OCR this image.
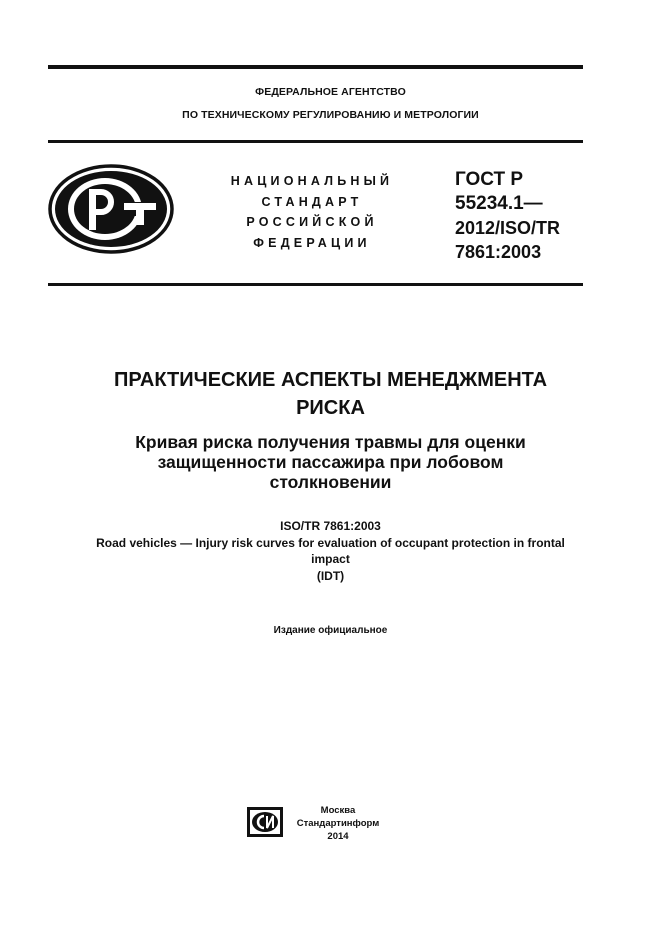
ФЕДЕРАЛЬНОЕ АГЕНТСТВО
ПО ТЕХНИЧЕСКОМУ РЕГУЛИРОВАНИЮ И МЕТРОЛОГИИ
НАЦИОНАЛЬНЫЙ
СТАНДАРТ
РОССИЙСКОЙ
ФЕДЕРАЦИИ
ГОСТ Р
55234.1—
2012/ISO/TR
7861:2003
ПРАКТИЧЕСКИЕ АСПЕКТЫ МЕНЕДЖМЕНТА
РИСКА
Кривая риска получения травмы для оценки
защищенности пассажира при лобовом
столкновении
ISO/TR 7861:2003
Road vehicles — Injury risk curves for evaluation of occupant protection in frontal
impact
(IDT)
Издание официальное
Москва
Стандартинформ
2014
